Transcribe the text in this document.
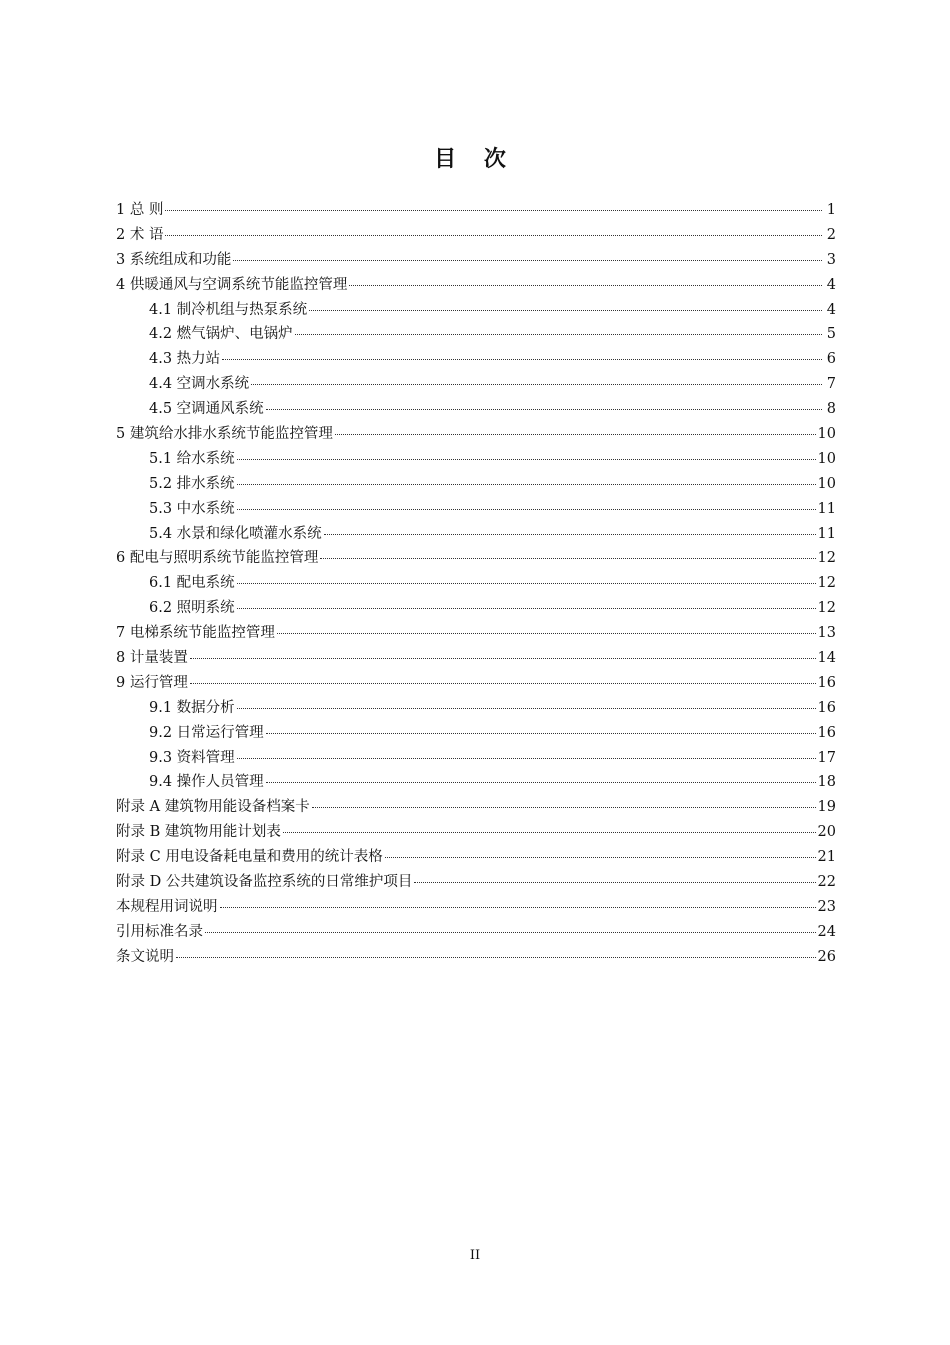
目 次
1 总 则	1
2 术 语	2
3 系统组成和功能	3
4 供暖通风与空调系统节能监控管理	4
4.1 制冷机组与热泵系统	4
4.2 燃气锅炉、电锅炉	5
4.3 热力站	6
4.4 空调水系统	7
4.5 空调通风系统	8
5 建筑给水排水系统节能监控管理	10
5.1 给水系统	10
5.2 排水系统	10
5.3 中水系统	11
5.4 水景和绿化喷灌水系统	11
6 配电与照明系统节能监控管理	12
6.1 配电系统	12
6.2 照明系统	12
7 电梯系统节能监控管理	13
8 计量装置	14
9 运行管理	16
9.1 数据分析	16
9.2 日常运行管理	16
9.3 资料管理	17
9.4 操作人员管理	18
附录 A 建筑物用能设备档案卡	19
附录 B 建筑物用能计划表	20
附录 C 用电设备耗电量和费用的统计表格	21
附录 D 公共建筑设备监控系统的日常维护项目	22
本规程用词说明	23
引用标准名录	24
条文说明	26
II
